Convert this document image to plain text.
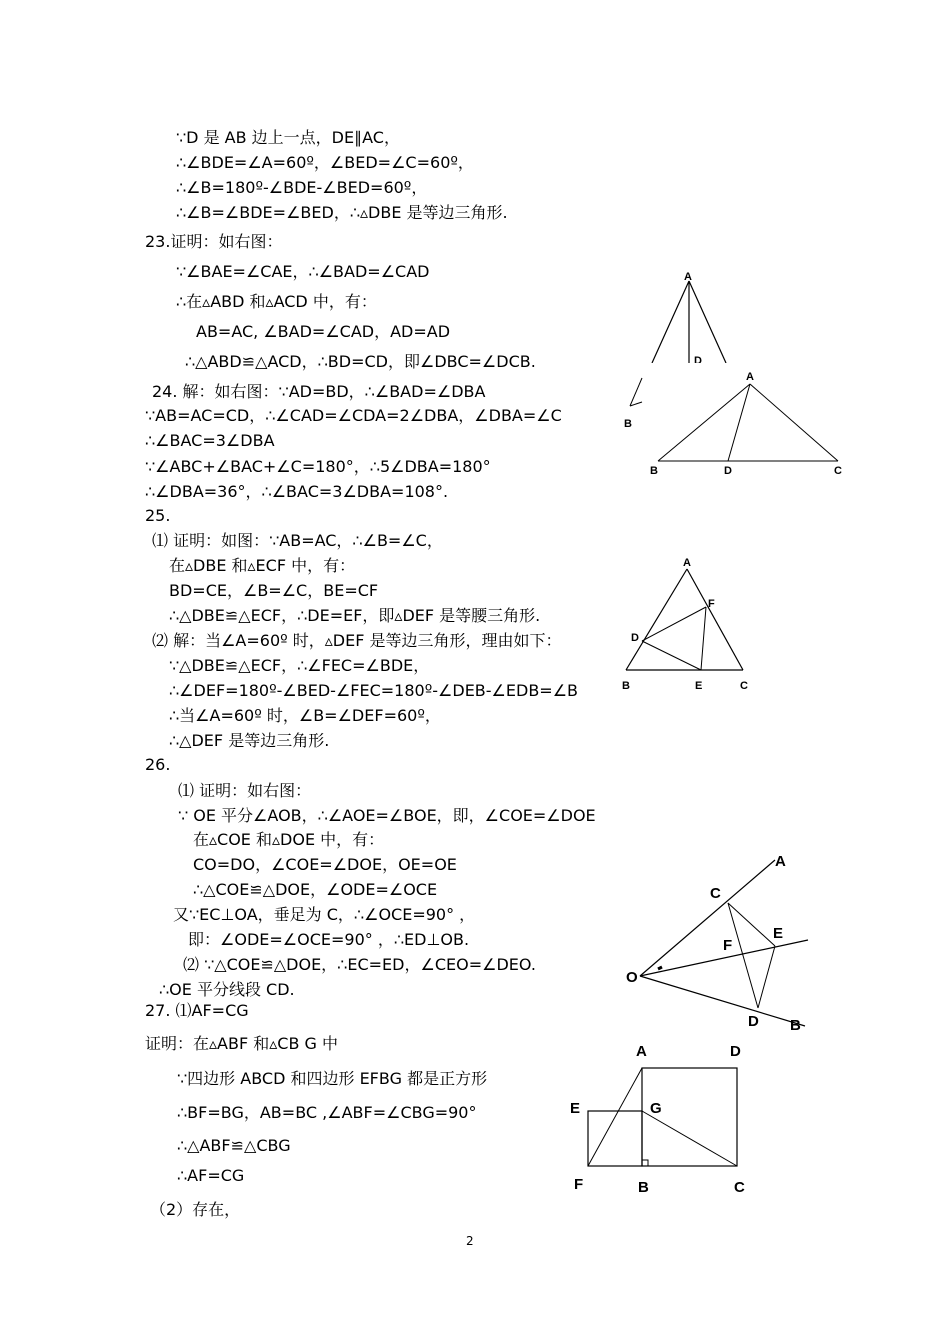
∵D 是 AB 边上一点，DE∥AC，
∴∠BDE=∠A=60º，∠BED=∠C=60º，
∴∠B=180º-∠BDE-∠BED=60º，
∴∠B=∠BDE=∠BED，∴▵DBE 是等边三角形.
23.证明：如右图：
∵∠BAE=∠CAE，∴∠BAD=∠CAD
∴在▵ABD 和▵ACD 中，有：
AB=AC, ∠BAD=∠CAD，AD=AD
∴△ABD≌△ACD，∴BD=CD，即∠DBC=∠DCB.
24. 解：如右图：∵AD=BD，∴∠BAD=∠DBA
∵AB=AC=CD，∴∠CAD=∠CDA=2∠DBA，∠DBA=∠C
∴∠BAC=3∠DBA
∵∠ABC+∠BAC+∠C=180°，∴5∠DBA=180°
∴∠DBA=36°，∴∠BAC=3∠DBA=108°.
25.
⑴ 证明：如图：∵AB=AC，∴∠B=∠C，
在▵DBE 和▵ECF 中，有：
BD=CE，∠B=∠C，BE=CF
∴△DBE≌△ECF，∴DE=EF，即▵DEF 是等腰三角形.
⑵ 解：当∠A=60º 时，▵DEF 是等边三角形，理由如下：
∵△DBE≌△ECF，∴∠FEC=∠BDE，
∴∠DEF=180º-∠BED-∠FEC=180º-∠DEB-∠EDB=∠B
∴当∠A=60º 时，∠B=∠DEF=60º，
∴△DEF 是等边三角形.
26.
⑴ 证明：如右图：
∵ OE 平分∠AOB，∴∠AOE=∠BOE，即，∠COE=∠DOE
在▵COE 和▵DOE 中，有：
CO=DO，∠COE=∠DOE，OE=OE
∴△COE≌△DOE，∠ODE=∠OCE
又∵EC⊥OA，垂足为 C，∴∠OCE=90° ，
即：∠ODE=∠OCE=90° ，∴ED⊥OB.
⑵ ∵△COE≌△DOE，∴EC=ED，∠CEO=∠DEO.
∴OE 平分线段 CD.
27. ⑴AF=CG
证明：在▵ABF 和▵CB G 中
∵四边形 ABCD 和四边形 EFBG 都是正方形
∴BF=BG，AB=BC ,∠ABF=∠CBG=90°
∴△ABF≌△CBG
∴AF=CG
（2）存在，
A
D
B
A
B	D	C
A
F
D
B	E	C
A
C
E
F
O
D B
A	D
E	G
F	B	C
2
